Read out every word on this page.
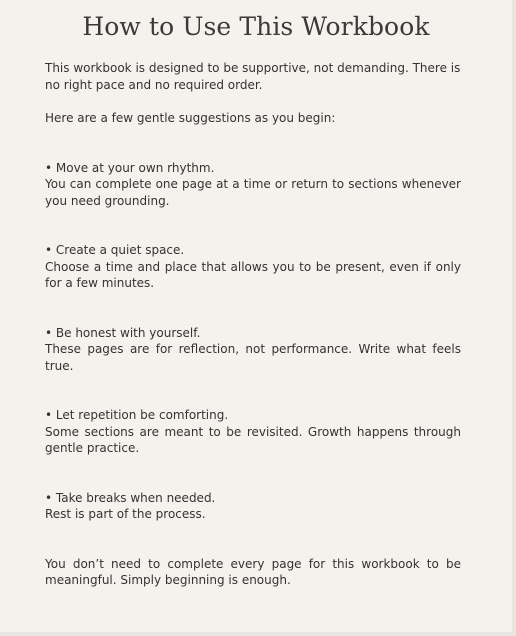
How to Use This Workbook

This workbook is designed to be supportive, not demanding. There is no right pace and no required order.

Here are a few gentle suggestions as you begin:

• Move at your own rhythm.
You can complete one page at a time or return to sections whenever you need grounding.
• Create a quiet space.
Choose a time and place that allows you to be present, even if only for a few minutes.
• Be honest with yourself.
These pages are for reflection, not performance. Write what feels true.
• Let repetition be comforting.
Some sections are meant to be revisited. Growth happens through gentle practice.
• Take breaks when needed.
Rest is part of the process.

You don’t need to complete every page for this workbook to be meaningful. Simply beginning is enough.
